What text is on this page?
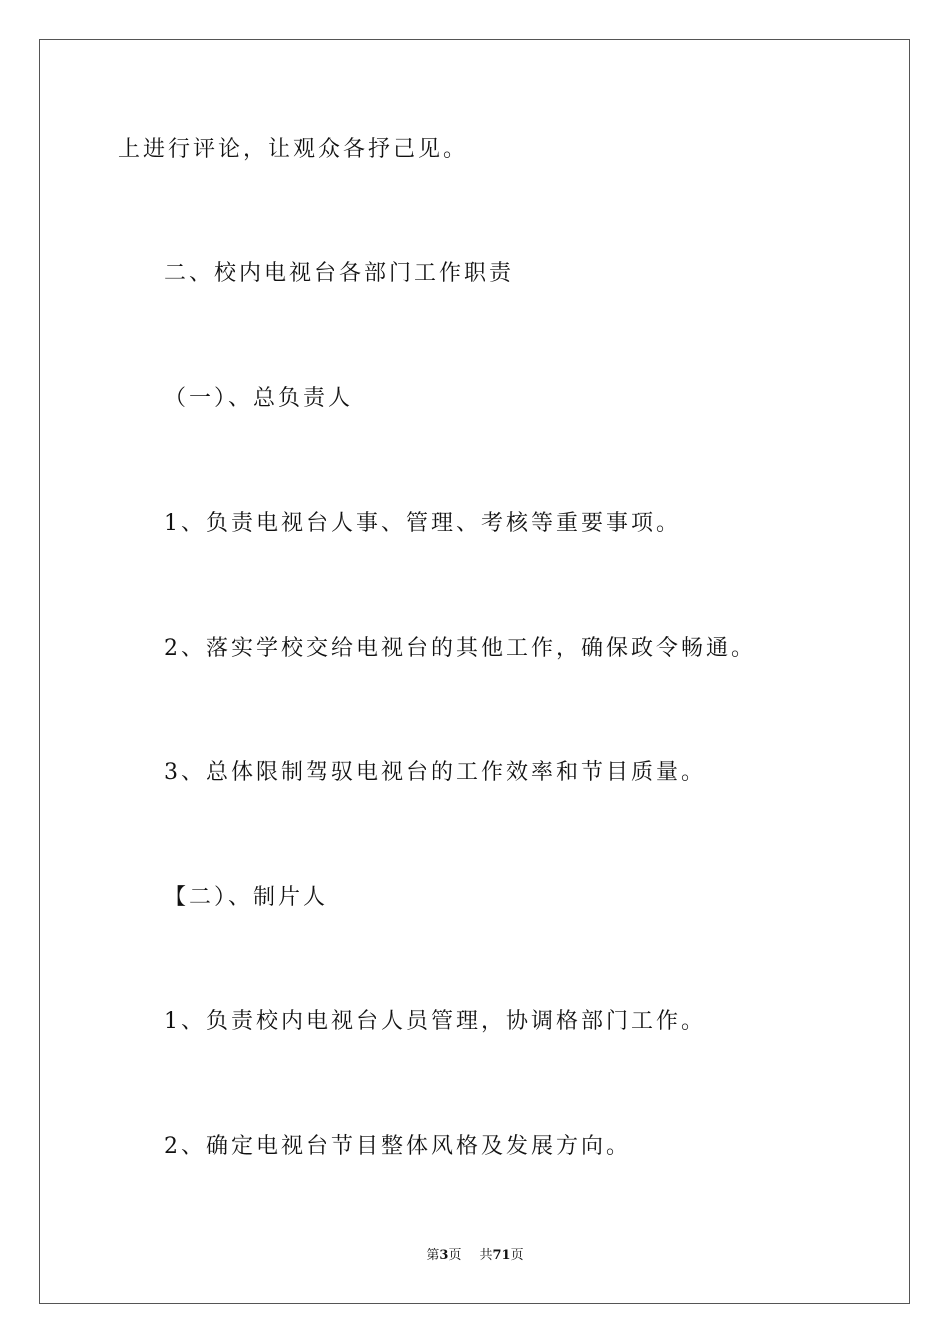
上进行评论，让观众各抒己见。
二、校内电视台各部门工作职责
（一）、总负责人
1、负责电视台人事、管理、考核等重要事项。
2、落实学校交给电视台的其他工作，确保政令畅通。
3、总体限制驾驭电视台的工作效率和节目质量。
【二）、制片人
1、负责校内电视台人员管理，协调格部门工作。
2、确定电视台节目整体风格及发展方向。
第3页 共71页
